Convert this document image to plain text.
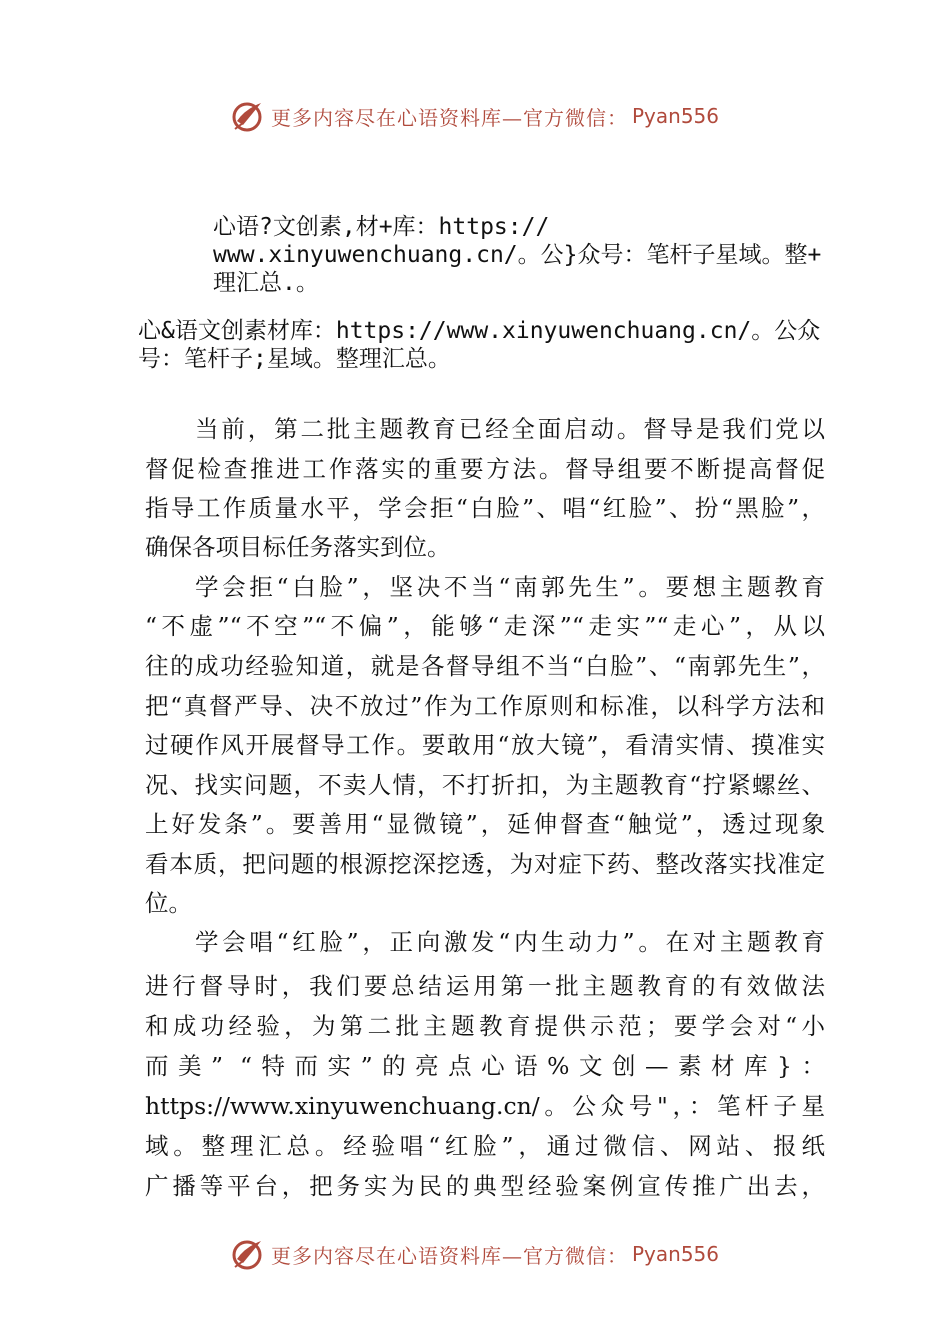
更多内容尽在心语资料库—官方微信： Pyan556
心语?文创素,材+库：https://
www.xinyuwenchuang.cn/。公}众号：笔杆子星域。整+
理汇总.。
心&语文创素材库：https://www.xinyuwenchuang.cn/。公众
号：笔杆子;星域。整理汇总。
当前，第二批主题教育已经全面启动。督导是我们党以
督促检查推进工作落实的重要方法。督导组要不断提高督促
指导工作质量水平，学会拒“白脸”、唱“红脸”、扮“黑脸”，
确保各项目标任务落实到位。
学会拒“白脸”，坚决不当“南郭先生”。要想主题教育
“不虚”“不空”“不偏”，能够“走深”“走实”“走心”，从以
往的成功经验知道，就是各督导组不当“白脸”、“南郭先生”，
把“真督严导、决不放过”作为工作原则和标准，以科学方法和
过硬作风开展督导工作。要敢用“放大镜”，看清实情、摸准实
况、找实问题，不卖人情，不打折扣，为主题教育“拧紧螺丝、
上好发条”。要善用“显微镜”，延伸督查“触觉”，透过现象
看本质，把问题的根源挖深挖透，为对症下药、整改落实找准定
位。
学会唱“红脸”，正向激发“内生动力”。在对主题教育
进行督导时，我们要总结运用第一批主题教育的有效做法
和成功经验，为第二批主题教育提供示范；要学会对“小
而美” “特而实”的亮点心语%文创—素材库}：
https://www.xinyuwenchuang.cn/。公众号"，：笔杆子星
域。整理汇总。经验唱“红脸”，通过微信、网站、报纸
广播等平台，把务实为民的典型经验案例宣传推广出去，
更多内容尽在心语资料库—官方微信： Pyan556
